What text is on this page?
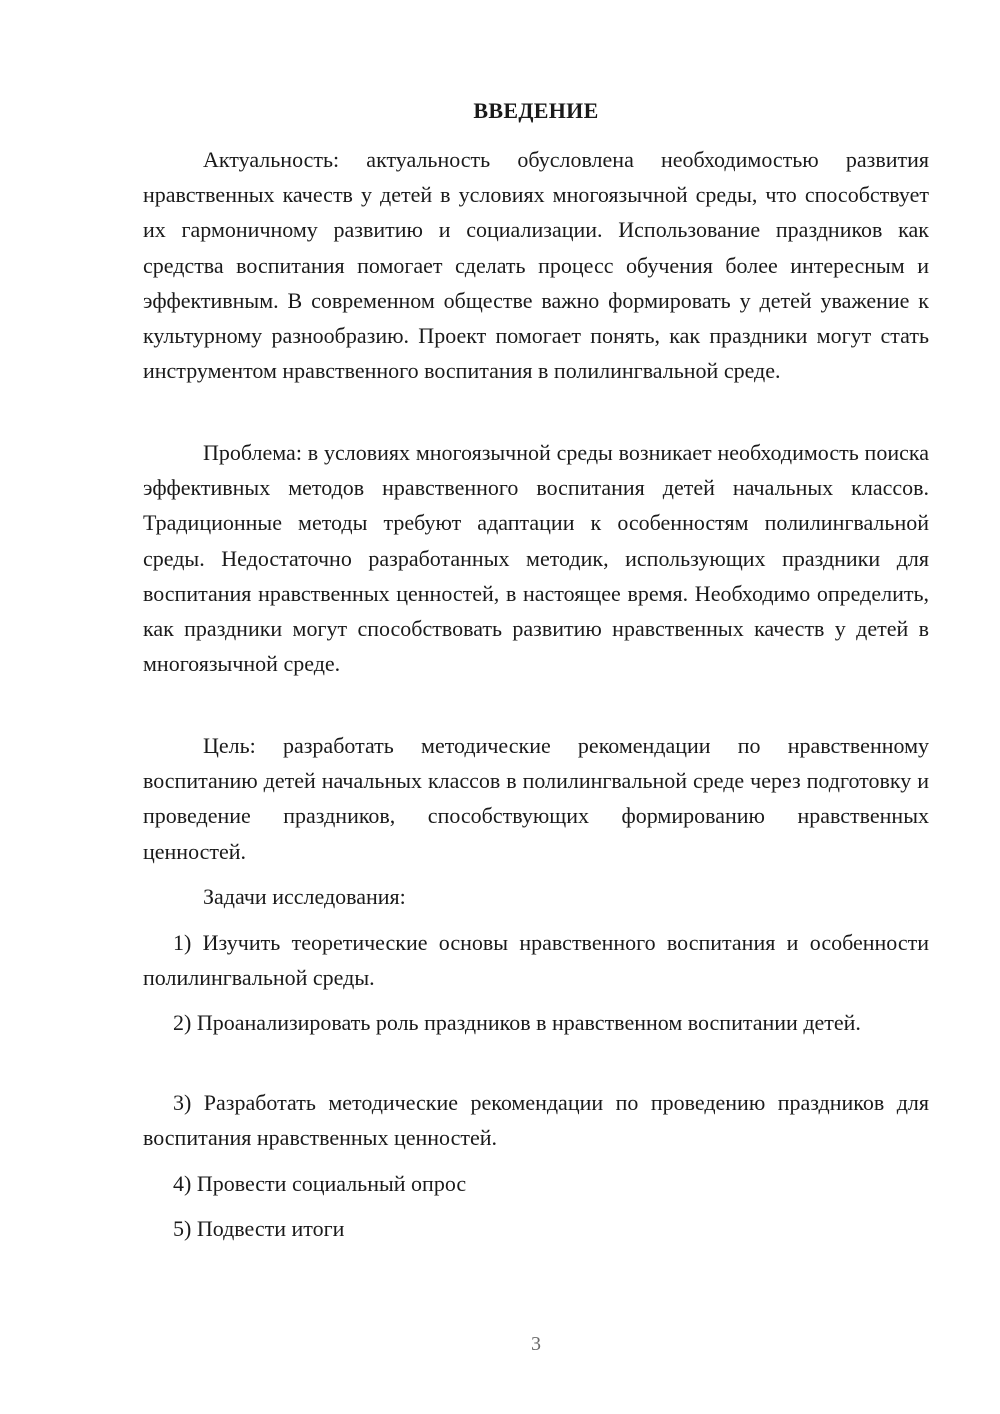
ВВЕДЕНИЕ

Актуальность: актуальность обусловлена необходимостью развития нравственных качеств у детей в условиях многоязычной среды, что способствует их гармоничному развитию и социализации. Использование праздников как средства воспитания помогает сделать процесс обучения более интересным и эффективным. В современном обществе важно формировать у детей уважение к культурному разнообразию. Проект помогает понять, как праздники могут стать инструментом нравственного воспитания в полилингвальной среде.

Проблема: в условиях многоязычной среды возникает необходимость поиска эффективных методов нравственного воспитания детей начальных классов. Традиционные методы требуют адаптации к особенностям полилингвальной среды. Недостаточно разработанных методик, использующих праздники для воспитания нравственных ценностей, в настоящее время. Необходимо определить, как праздники могут способствовать развитию нравственных качеств у детей в многоязычной среде.

Цель: разработать методические рекомендации по нравственному воспитанию детей начальных классов в полилингвальной среде через подготовку и проведение праздников, способствующих формированию нравственных ценностей.

Задачи исследования:

1) Изучить теоретические основы нравственного воспитания и особенности полилингвальной среды.

2) Проанализировать роль праздников в нравственном воспитании детей.

3) Разработать методические рекомендации по проведению праздников для воспитания нравственных ценностей.

4) Провести социальный опрос

5) Подвести итоги

3
